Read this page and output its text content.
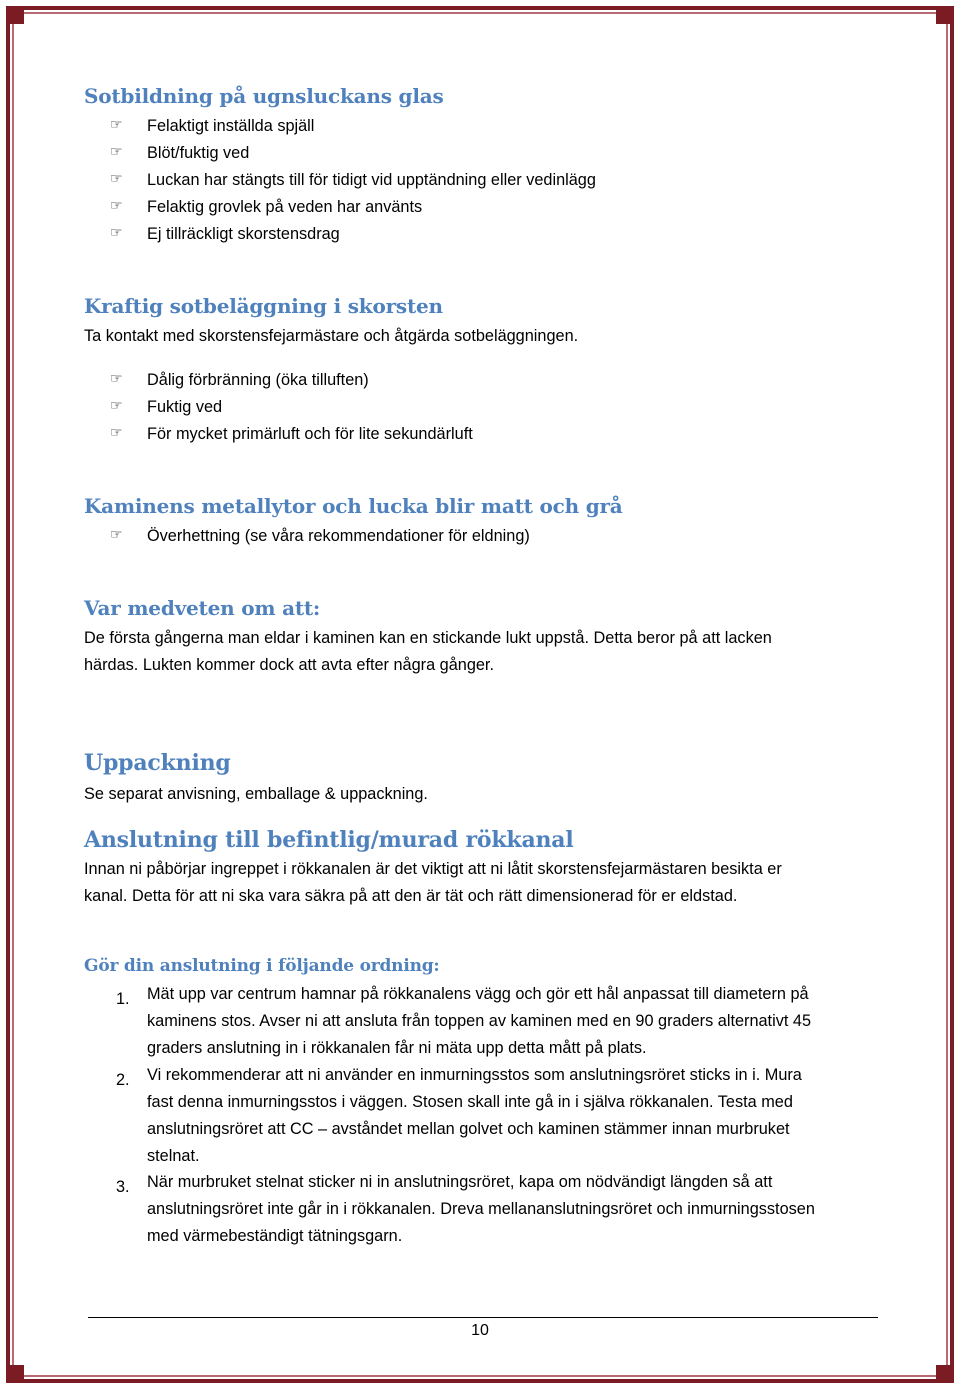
Sotbildning på ugnsluckans glas
☞ Felaktigt inställda spjäll
☞ Blöt/fuktig ved
☞ Luckan har stängts till för tidigt vid upptändning eller vedinlägg
☞ Felaktig grovlek på veden har använts
☞ Ej tillräckligt skorstensdrag
Kraftig sotbeläggning i skorsten
Ta kontakt med skorstensfejarmästare och åtgärda sotbeläggningen.
☞ Dålig förbränning (öka tilluften)
☞ Fuktig ved
☞ För mycket primärluft och för lite sekundärluft
Kaminens metallytor och lucka blir matt och grå
☞ Överhettning (se våra rekommendationer för eldning)
Var medveten om att:
De första gångerna man eldar i kaminen kan en stickande lukt uppstå. Detta beror på att lacken
härdas. Lukten kommer dock att avta efter några gånger.
Uppackning
Se separat anvisning, emballage & uppackning.
Anslutning till befintlig/murad rökkanal
Innan ni påbörjar ingreppet i rökkanalen är det viktigt att ni låtit skorstensfejarmästaren besikta er
kanal. Detta för att ni ska vara säkra på att den är tät och rätt dimensionerad för er eldstad.
Gör din anslutning i följande ordning:
1. Mät upp var centrum hamnar på rökkanalens vägg och gör ett hål anpassat till diametern på
kaminens stos. Avser ni att ansluta från toppen av kaminen med en 90 graders alternativt 45
graders anslutning in i rökkanalen får ni mäta upp detta mått på plats.
2. Vi rekommenderar att ni använder en inmurningsstos som anslutningsröret sticks in i. Mura
fast denna inmurningsstos i väggen. Stosen skall inte gå in i själva rökkanalen. Testa med
anslutningsröret att CC – avståndet mellan golvet och kaminen stämmer innan murbruket
stelnat.
3. När murbruket stelnat sticker ni in anslutningsröret, kapa om nödvändigt längden så att
anslutningsröret inte går in i rökkanalen. Dreva mellananslutningsröret och inmurningsstosen
med värmebeständigt tätningsgarn.
10
